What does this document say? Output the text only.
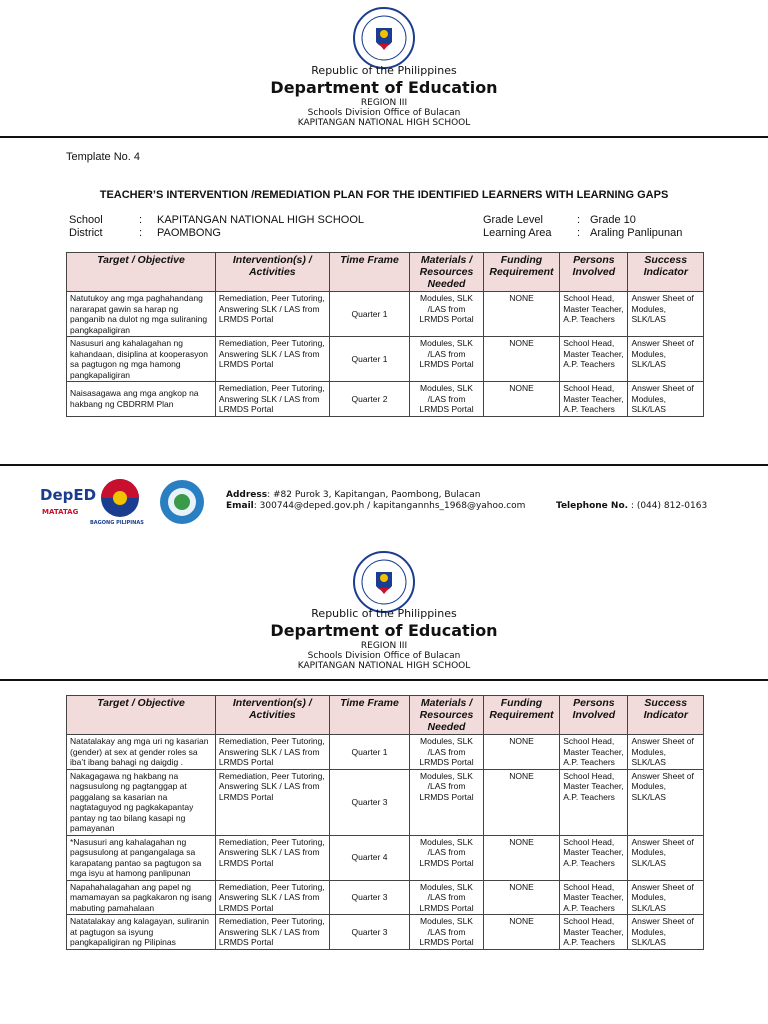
Republic of the Philippines
Department of Education
REGION III
Schools Division Office of Bulacan
KAPITANGAN NATIONAL HIGH SCHOOL
Template No. 4
TEACHER’S INTERVENTION /REMEDIATION PLAN FOR THE IDENTIFIED LEARNERS WITH LEARNING GAPS
School	: KAPITANGAN NATIONAL HIGH SCHOOL
District	: PAOMBONG
Grade Level	: Grade 10
Learning Area : Araling Panlipunan
Target / Objective	Intervention(s) / Activities	Time Frame	Materials / Resources Needed	Funding Requirement	Persons Involved	Success Indicator
Natutukoy ang mga paghahandang nararapat gawin sa harap ng panganib na dulot ng mga suliraning pangkapaligiran	Remediation, Peer Tutoring, Answering SLK / LAS from LRMDS Portal	Quarter 1	Modules, SLK /LAS from LRMDS Portal	NONE	School Head, Master Teacher, A.P. Teachers	Answer Sheet of Modules, SLK/LAS
Nasusuri ang kahalagahan ng kahandaan, disiplina at kooperasyon sa pagtugon ng mga hamong pangkapaligiran	Remediation, Peer Tutoring, Answering SLK / LAS from LRMDS Portal	Quarter 1	Modules, SLK /LAS from LRMDS Portal	NONE	School Head, Master Teacher, A.P. Teachers	Answer Sheet of Modules, SLK/LAS
Naisasagawa ang mga angkop na hakbang ng CBDRRM Plan	Remediation, Peer Tutoring, Answering SLK / LAS from LRMDS Portal	Quarter 2	Modules, SLK /LAS from LRMDS Portal	NONE	School Head, Master Teacher, A.P. Teachers	Answer Sheet of Modules, SLK/LAS
DepED
MATATAG
BAGONG PILIPINAS
Address: #82 Purok 3, Kapitangan, Paombong, Bulacan
Email: 300744@deped.gov.ph / kapitangannhs_1968@yahoo.com	Telephone No. : (044) 812-0163
Republic of the Philippines
Department of Education
REGION III
Schools Division Office of Bulacan
KAPITANGAN NATIONAL HIGH SCHOOL
Target / Objective	Intervention(s) / Activities	Time Frame	Materials / Resources Needed	Funding Requirement	Persons Involved	Success Indicator
Natatalakay ang mga uri ng kasarian (gender) at sex at gender roles sa iba’t ibang bahagi ng daigdig .	Remediation, Peer Tutoring, Answering SLK / LAS from LRMDS Portal	Quarter 1	Modules, SLK /LAS from LRMDS Portal	NONE	School Head, Master Teacher, A.P. Teachers	Answer Sheet of Modules, SLK/LAS
Nakagagawa ng hakbang na nagsusulong ng pagtanggap at paggalang sa kasarian na nagtataguyod ng pagkakapantay pantay ng tao bilang kasapi ng pamayanan	Remediation, Peer Tutoring, Answering SLK / LAS from LRMDS Portal	Quarter 3	Modules, SLK /LAS from LRMDS Portal	NONE	School Head, Master Teacher, A.P. Teachers	Answer Sheet of Modules, SLK/LAS
*Nasusuri ang kahalagahan ng pagsusulong at pangangalaga sa karapatang pantao sa pagtugon sa mga isyu at hamong panlipunan	Remediation, Peer Tutoring, Answering SLK / LAS from LRMDS Portal	Quarter 4	Modules, SLK /LAS from LRMDS Portal	NONE	School Head, Master Teacher, A.P. Teachers	Answer Sheet of Modules, SLK/LAS
Napahahalagahan ang papel ng mamamayan sa pagkakaron ng isang mabuting pamahalaan	Remediation, Peer Tutoring, Answering SLK / LAS from LRMDS Portal	Quarter 3	Modules, SLK /LAS from LRMDS Portal	NONE	School Head, Master Teacher, A.P. Teachers	Answer Sheet of Modules, SLK/LAS
Natatalakay ang kalagayan, suliranin at pagtugon sa isyung pangkapaligiran ng Pilipinas	Remediation, Peer Tutoring, Answering SLK / LAS from LRMDS Portal	Quarter 3	Modules, SLK /LAS from LRMDS Portal	NONE	School Head, Master Teacher, A.P. Teachers	Answer Sheet of Modules, SLK/LAS
